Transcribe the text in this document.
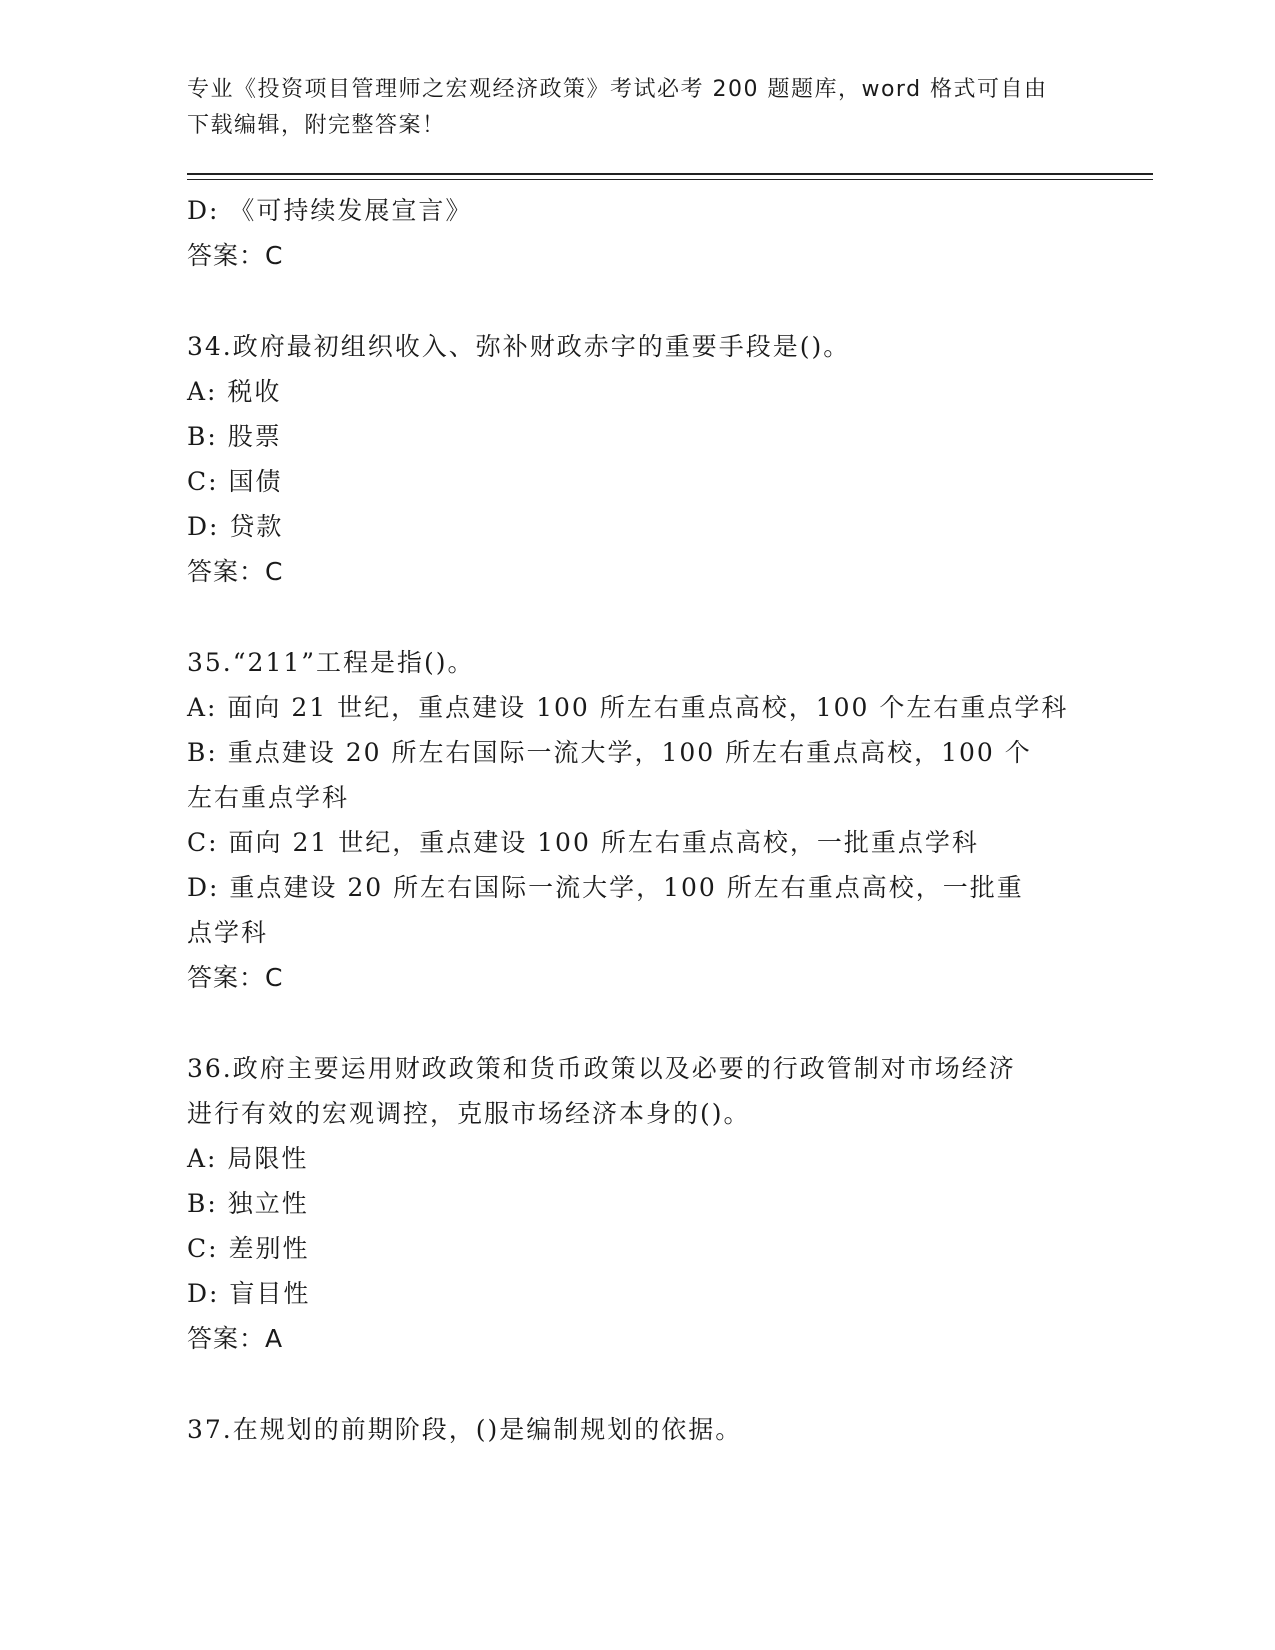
专业《投资项目管理师之宏观经济政策》考试必考 200 题题库，word 格式可自由
下载编辑，附完整答案！
D: 《可持续发展宣言》
答案：C
34.政府最初组织收入、弥补财政赤字的重要手段是()。
A: 税收
B: 股票
C: 国债
D: 贷款
答案：C
35.“211”工程是指()。
A: 面向 21 世纪，重点建设 100 所左右重点高校，100 个左右重点学科
B: 重点建设 20 所左右国际一流大学，100 所左右重点高校，100 个左右重点学科
C: 面向 21 世纪，重点建设 100 所左右重点高校，一批重点学科
D: 重点建设 20 所左右国际一流大学，100 所左右重点高校，一批重点学科
答案：C
36.政府主要运用财政政策和货币政策以及必要的行政管制对市场经济进行有效的宏观调控，克服市场经济本身的()。
A: 局限性
B: 独立性
C: 差别性
D: 盲目性
答案：A
37.在规划的前期阶段，()是编制规划的依据。
